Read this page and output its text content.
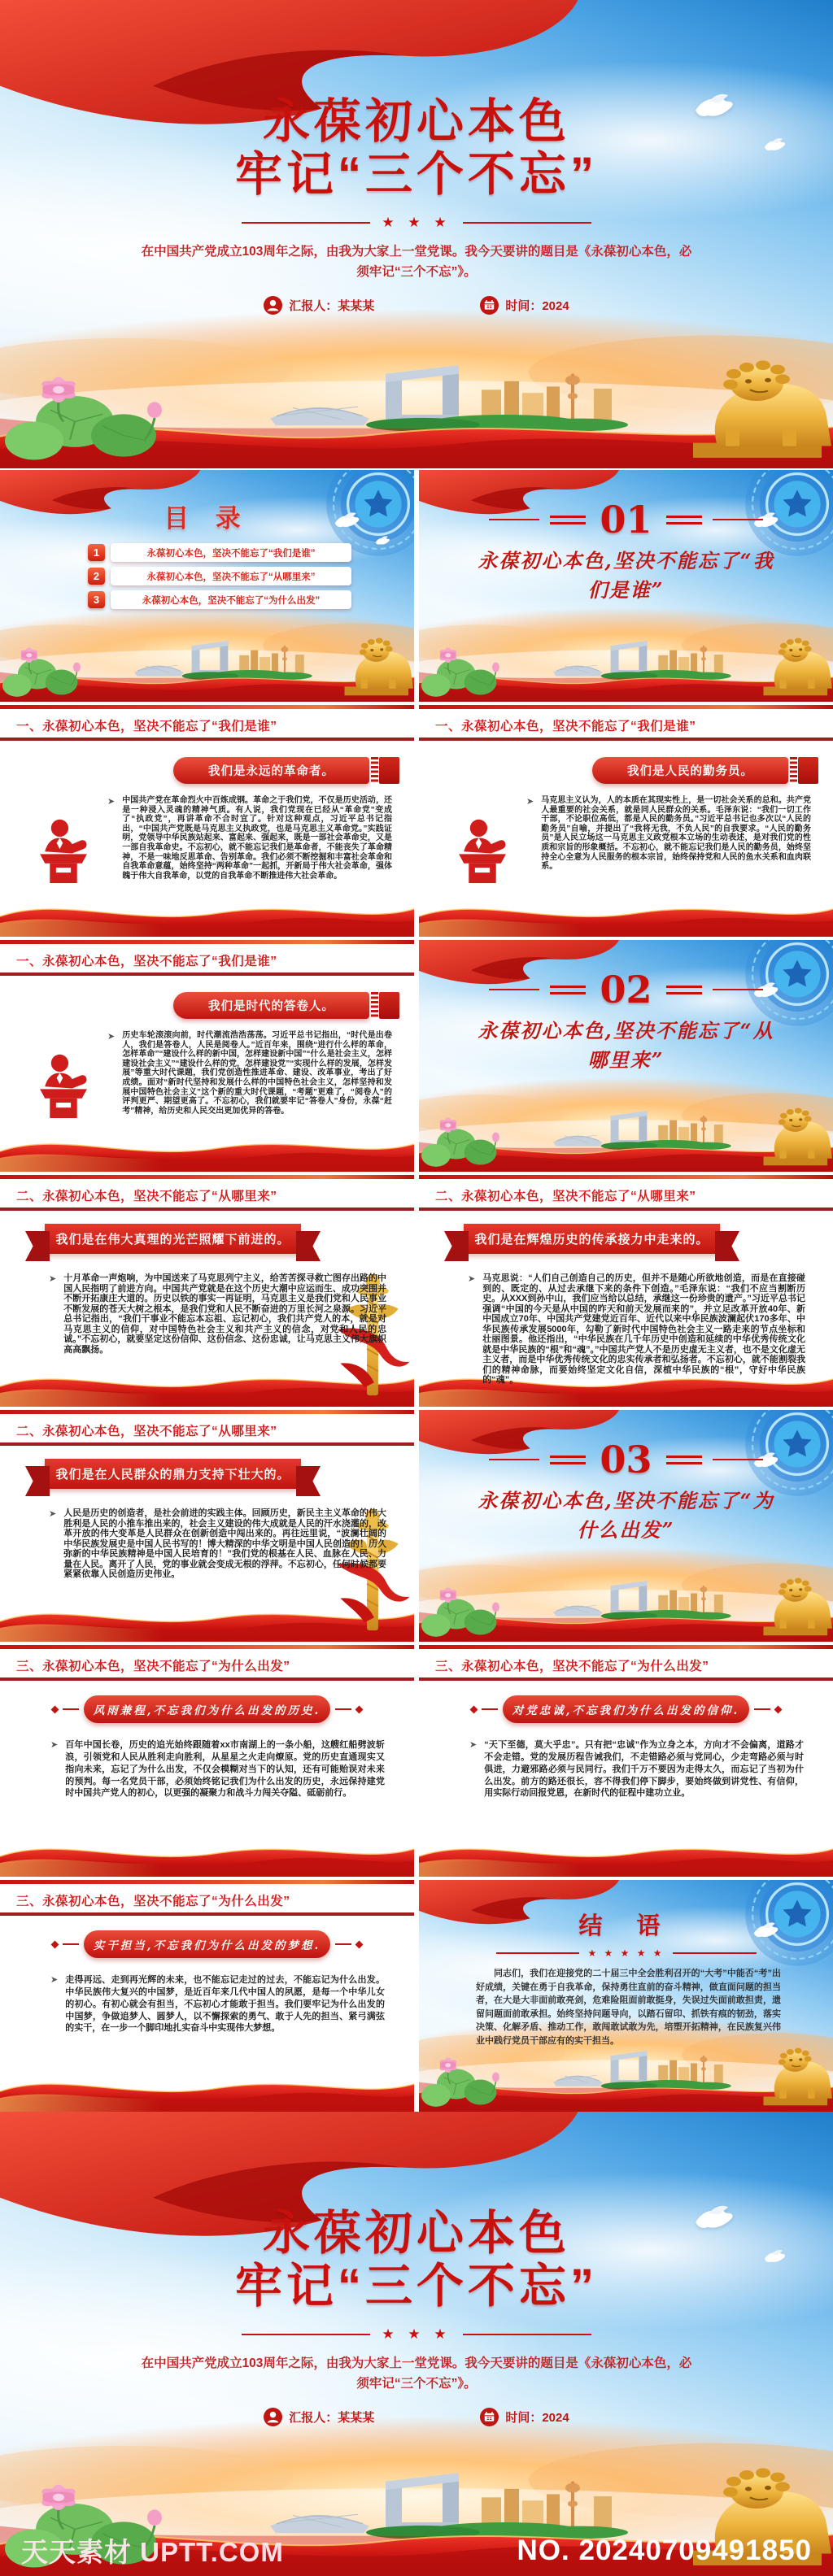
永葆初心本色
牢记“三个不忘”
★ ★ ★
在中国共产党成立103周年之际，由我为大家上一堂党课。我今天要讲的题目是《永葆初心本色，必须牢记“三个不忘”》。
汇报人：某某某	时间：2024
目 录
1	永葆初心本色，坚决不能忘了“我们是谁”
2	永葆初心本色，坚决不能忘了“从哪里来”
3	永葆初心本色，坚决不能忘了“为什么出发”
01
永葆初心本色,坚决不能忘了“我
们是谁”
一、永葆初心本色，坚决不能忘了“我们是谁”
我们是永远的革命者。
➤ 中国共产党在革命烈火中百炼成钢。革命之于我们党，不仅是历史活动，还是一种浸入灵魂的精神气质。有人说，我们党现在已经从“革命党”变成了“执政党”，再讲革命不合时宜了。针对这种观点，习近平总书记指出，“中国共产党既是马克思主义执政党，也是马克思主义革命党。”实践证明，党领导中华民族站起来、富起来、强起来，既是一部社会革命史，又是一部自我革命史。不忘初心，就不能忘记我们是革命者，不能丧失了革命精神，不是一味地反思革命、告别革命。我们必须不断挖掘和丰富社会革命和自我革命意蕴，始终坚持“两种革命”一起抓，开新局于伟大社会革命，强体魄于伟大自我革命，以党的自我革命不断推进伟大社会革命。
一、永葆初心本色，坚决不能忘了“我们是谁”
我们是人民的勤务员。
➤ 马克思主义认为，人的本质在其现实性上，是一切社会关系的总和。共产党人最重要的社会关系，就是同人民群众的关系。毛泽东说：“我们一切工作干部，不论职位高低，都是人民的勤务员。”习近平总书记也多次以“人民的勤务员”自喻，并提出了“我将无我，不负人民”的自我要求。“人民的勤务员”是人民立场这一马克思主义政党根本立场的生动表述，是对我们党的性质和宗旨的形象概括。不忘初心，就不能忘记我们是人民的勤务员，始终坚持全心全意为人民服务的根本宗旨，始终保持党和人民的鱼水关系和血肉联系。
一、永葆初心本色，坚决不能忘了“我们是谁”
我们是时代的答卷人。
➤ 历史车轮滚滚向前，时代潮流浩浩荡荡。习近平总书记指出，“时代是出卷人，我们是答卷人，人民是阅卷人。”近百年来，围绕“进行什么样的革命，怎样革命”“建设什么样的新中国，怎样建设新中国”“什么是社会主义，怎样建设社会主义”“建设什么样的党，怎样建设党”“实现什么样的发展，怎样发展”等重大时代课题，我们党创造性推进革命、建设、改革事业，考出了好成绩。面对“新时代坚持和发展什么样的中国特色社会主义，怎样坚持和发展中国特色社会主义”这个新的重大时代课题，“考题”更难了，“阅卷人”的评判更严、期望更高了。不忘初心，我们就要牢记“答卷人”身份，永葆“赶考”精神，给历史和人民交出更加优异的答卷。
02
永葆初心本色,坚决不能忘了“从
哪里来”
二、永葆初心本色，坚决不能忘了“从哪里来”
我们是在伟大真理的光芒照耀下前进的。
➤ 十月革命一声炮响，为中国送来了马克思列宁主义，给苦苦探寻救亡图存出路的中国人民指明了前进方向。中国共产党就是在这个历史大潮中应运而生、成功突围并不断开拓康庄大道的。历史以铁的事实一再证明，马克思主义是我们党和人民事业不断发展的苍天大树之根本，是我们党和人民不断奋进的万里长河之泉源。习近平总书记指出，“我们干事业不能忘本忘祖、忘记初心，我们共产党人的本，就是对马克思主义的信仰，对中国特色社会主义和共产主义的信念，对党和人民的忠诚。”不忘初心，就要坚定这份信仰、这份信念、这份忠诚，让马克思主义伟大旗帜高高飘扬。
二、永葆初心本色，坚决不能忘了“从哪里来”
我们是在辉煌历史的传承接力中走来的。
➤ 马克思说：“人们自己创造自己的历史，但并不是随心所欲地创造，而是在直接碰到的、既定的、从过去承继下来的条件下创造。”毛泽东说：“我们不应当割断历史。从XXX到孙中山，我们应当给以总结，承继这一份珍贵的遗产。”习近平总书记强调“中国的今天是从中国的昨天和前天发展而来的”，并立足改革开放40年、新中国成立70年、中国共产党建党近百年、近代以来中华民族波澜起伏170多年、中华民族传承发展5000年，勾勒了新时代中国特色社会主义一路走来的节点坐标和壮丽图景。他还指出，“中华民族在几千年历史中创造和延续的中华优秀传统文化就是中华民族的“根”和“魂”。”中国共产党人不是历史虚无主义者，也不是文化虚无主义者，而是中华优秀传统文化的忠实传承者和弘扬者。不忘初心，就不能割裂我们的精神命脉，而要始终坚定文化自信，深植中华民族的“根”，守好中华民族的“魂”。
二、永葆初心本色，坚决不能忘了“从哪里来”
我们是在人民群众的鼎力支持下壮大的。
➤ 人民是历史的创造者，是社会前进的实践主体。回顾历史，新民主主义革命的伟大胜利是人民的小推车推出来的，社会主义建设的伟大成就是人民的汗水浇灌的，改革开放的伟大变革是人民群众在创新创造中闯出来的。再往远里说，“波澜壮阔的中华民族发展史是中国人民书写的！博大精深的中华文明是中国人民创造的！历久弥新的中华民族精神是中国人民培育的！”我们党的根基在人民、血脉在人民、力量在人民。离开了人民，党的事业就会变成无根的浮萍。不忘初心，任何时候都要紧紧依靠人民创造历史伟业。
03
永葆初心本色,坚决不能忘了“为
什么出发”
三、永葆初心本色，坚决不能忘了“为什么出发”
风雨兼程,不忘我们为什么出发的历史.
➤ 百年中国长卷，历史的追光始终跟随着xx市南湖上的一条小船，这艘红船劈波斩浪，引领党和人民从胜利走向胜利，从星星之火走向燎原。党的历史直通现实又指向未来，忘记了为什么出发，不仅会模糊对当下的认知，还有可能贻误对未来的预判。每一名党员干部，必须始终铭记我们为什么出发的历史，永远保持建党时中国共产党人的初心，以更强的凝聚力和战斗力闯关夺隘、砥砺前行。
三、永葆初心本色，坚决不能忘了“为什么出发”
对党忠诚,不忘我们为什么出发的信仰.
➤ “天下至德，莫大乎忠”。只有把“忠诚”作为立身之本，方向才不会偏离，道路才不会走错。党的发展历程告诫我们，不走错路必须与党同心，少走弯路必须与时俱进，力避邪路必须与民同行。我们千万不要因为走得太久，而忘记了当初为什么出发。前方的路还很长，容不得我们停下脚步，要始终做到讲党性、有信仰，用实际行动回报党恩，在新时代的征程中建功立业。
三、永葆初心本色，坚决不能忘了“为什么出发”
实干担当,不忘我们为什么出发的梦想.
➤ 走得再远、走到再光辉的未来，也不能忘记走过的过去，不能忘记为什么出发。中华民族伟大复兴的中国梦，是近百年来几代中国人的夙愿，是每一个中华儿女的初心。有初心就会有担当，不忘初心才能敢于担当。我们要牢记为什么出发的中国梦，争做追梦人、圆梦人，以不懈探索的勇气、敢于人先的担当、紧弓满弦的实干，在一步一个脚印地扎实奋斗中实现伟大梦想。
结 语
★ ★ ★ ★ ★
同志们，我们在迎接党的二十届三中全会胜利召开的“大考”中能否“考”出好成绩，关键在勇于自我革命，保持勇往直前的奋斗精神，做直面问题的担当者，在大是大非面前敢亮剑，危难险阻面前敢挺身，失误过失面前敢担责，遗留问题面前敢承担。始终坚持问题导向，以踏石留印、抓铁有痕的韧劲，落实决策、化解矛盾、推动工作，敢闯敢试敢为先，培塑开拓精神，在民族复兴伟业中践行党员干部应有的实干担当。
永葆初心本色
牢记“三个不忘”
★ ★ ★
在中国共产党成立103周年之际，由我为大家上一堂党课。我今天要讲的题目是《永葆初心本色，必须牢记“三个不忘”》。
汇报人：某某某	时间：2024
天天素材 UPTT.COM	NO. 20240709491850
